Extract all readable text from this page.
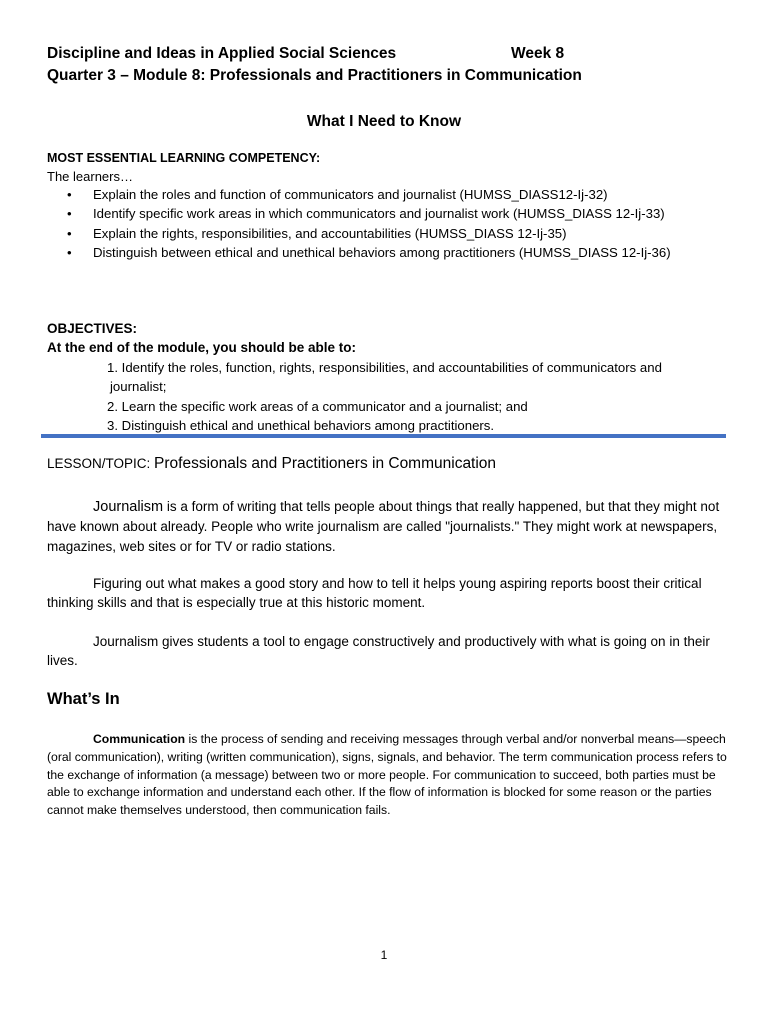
Discipline and Ideas in Applied Social Sciences	Week 8
Quarter 3 – Module 8: Professionals and Practitioners in Communication
What I Need to Know
MOST ESSENTIAL LEARNING COMPETENCY:
The learners…
• Explain the roles and function of communicators and journalist (HUMSS_DIASS12-Ij-32)
• Identify specific work areas in which communicators and journalist work (HUMSS_DIASS 12-Ij-33)
• Explain the rights, responsibilities, and accountabilities (HUMSS_DIASS 12-Ij-35)
• Distinguish between ethical and unethical behaviors among practitioners (HUMSS_DIASS 12-Ij-36)
OBJECTIVES:
At the end of the module, you should be able to:
1. Identify the roles, function, rights, responsibilities, and accountabilities of communicators and
journalist;
2. Learn the specific work areas of a communicator and a journalist; and
3. Distinguish ethical and unethical behaviors among practitioners.
LESSON/TOPIC: Professionals and Practitioners in Communication
Journalism is a form of writing that tells people about things that really happened, but that they might not have known about already. People who write journalism are called "journalists." They might work at newspapers, magazines, web sites or for TV or radio stations.
Figuring out what makes a good story and how to tell it helps young aspiring reports boost their critical thinking skills and that is especially true at this historic moment.
Journalism gives students a tool to engage constructively and productively with what is going on in their lives.
What’s In
Communication is the process of sending and receiving messages through verbal and/or nonverbal means—speech (oral communication), writing (written communication), signs, signals, and behavior. The term communication process refers to the exchange of information (a message) between two or more people. For communication to succeed, both parties must be able to exchange information and understand each other. If the flow of information is blocked for some reason or the parties cannot make themselves understood, then communication fails.
1
